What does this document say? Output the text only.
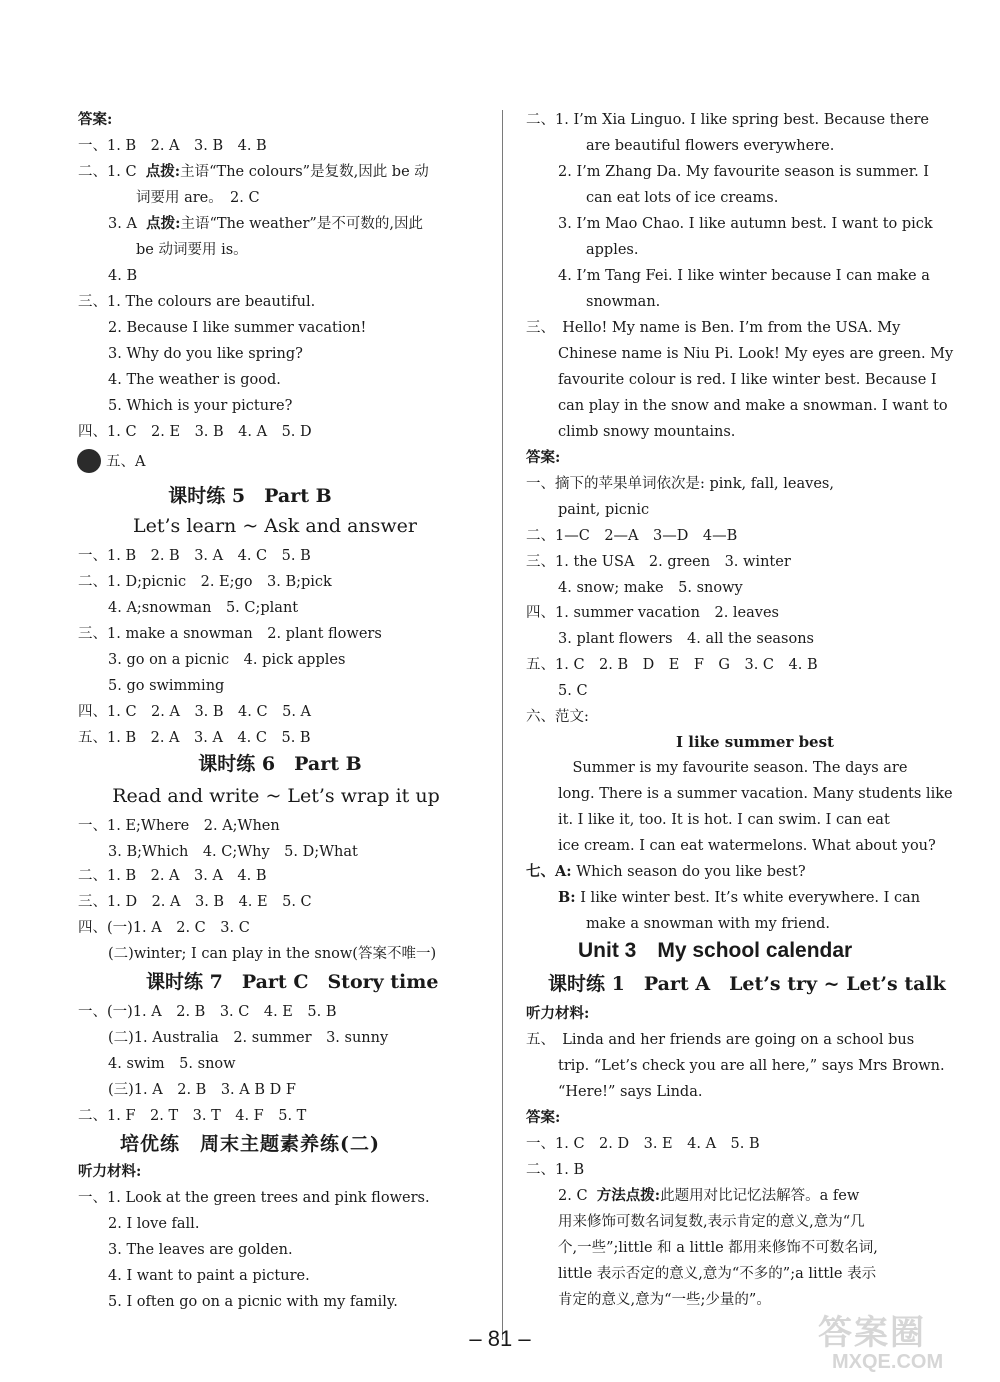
答案:
一、1. B　2. A　3. B　4. B
二、1. C 点拨:主语“The colours”是复数,因此 be 动
词要用 are。　2. C
3. A 点拨:主语“The weather”是不可数的,因此
be 动词要用 is。
4. B
三、1. The colours are beautiful.
2. Because I like summer vacation!
3. Why do you like spring?
4. The weather is good.
5. Which is your picture?
四、1. C　2. E　3. B　4. A　5. D
五、A
课时练 5　Part B
Let’s learn ~ Ask and answer
一、1. B　2. B　3. A　4. C　5. B
二、1. D;picnic　2. E;go　3. B;pick
4. A;snowman　5. C;plant
三、1. make a snowman　2. plant flowers
3. go on a picnic　4. pick apples
5. go swimming
四、1. C　2. A　3. B　4. C　5. A
五、1. B　2. A　3. A　4. C　5. B
课时练 6　Part B
Read and write ~ Let’s wrap it up
一、1. E;Where　2. A;When
3. B;Which　4. C;Why　5. D;What
二、1. B　2. A　3. A　4. B
三、1. D　2. A　3. B　4. E　5. C
四、(一)1. A　2. C　3. C
(二)winter; I can play in the snow(答案不唯一)
课时练 7　Part C　Story time
一、(一)1. A　2. B　3. C　4. E　5. B
(二)1. Australia　2. summer　3. sunny
4. swim　5. snow
(三)1. A　2. B　3. A B D F
二、1. F　2. T　3. T　4. F　5. T
培优练　周末主题素养练(二)
听力材料:
一、1. Look at the green trees and pink flowers.
2. I love fall.
3. The leaves are golden.
4. I want to paint a picture.
5. I often go on a picnic with my family.
二、1. I’m Xia Linguo. I like spring best. Because there
are beautiful flowers everywhere.
2. I’m Zhang Da. My favourite season is summer. I
can eat lots of ice creams.
3. I’m Mao Chao. I like autumn best. I want to pick
apples.
4. I’m Tang Fei. I like winter because I can make a
snowman.
三、　Hello! My name is Ben. I’m from the USA. My
Chinese name is Niu Pi. Look! My eyes are green. My
favourite colour is red. I like winter best. Because I
can play in the snow and make a snowman. I want to
climb snowy mountains.
答案:
一、摘下的苹果单词依次是: pink, fall, leaves,
paint, picnic
二、1—C　2—A　3—D　4—B
三、1. the USA　2. green　3. winter
4. snow; make　5. snowy
四、1. summer vacation　2. leaves
3. plant flowers　4. all the seasons
五、1. C　2. B　D　E　F　G　3. C　4. B
5. C
六、范文:
I like summer best
　Summer is my favourite season. The days are
long. There is a summer vacation. Many students like
it. I like it, too. It is hot. I can swim. I can eat
ice cream. I can eat watermelons. What about you?
七、A: Which season do you like best?
B: I like winter best. It’s white everywhere. I can
make a snowman with my friend.
Unit 3　My school calendar
课时练 1　Part A　Let’s try ~ Let’s talk
听力材料:
五、　Linda and her friends are going on a school bus
trip. “Let’s check you are all here,” says Mrs Brown.
“Here!” says Linda.
答案:
一、1. C　2. D　3. E　4. A　5. B
二、1. B
2. C 方法点拨:此题用对比记忆法解答。a few
用来修饰可数名词复数,表示肯定的意义,意为“几
个,一些”;little 和 a little 都用来修饰不可数名词,
little 表示否定的意义,意为“不多的”;a little 表示
肯定的意义,意为“一些;少量的”。
– 81 –	答案圈
MXQE.COM
